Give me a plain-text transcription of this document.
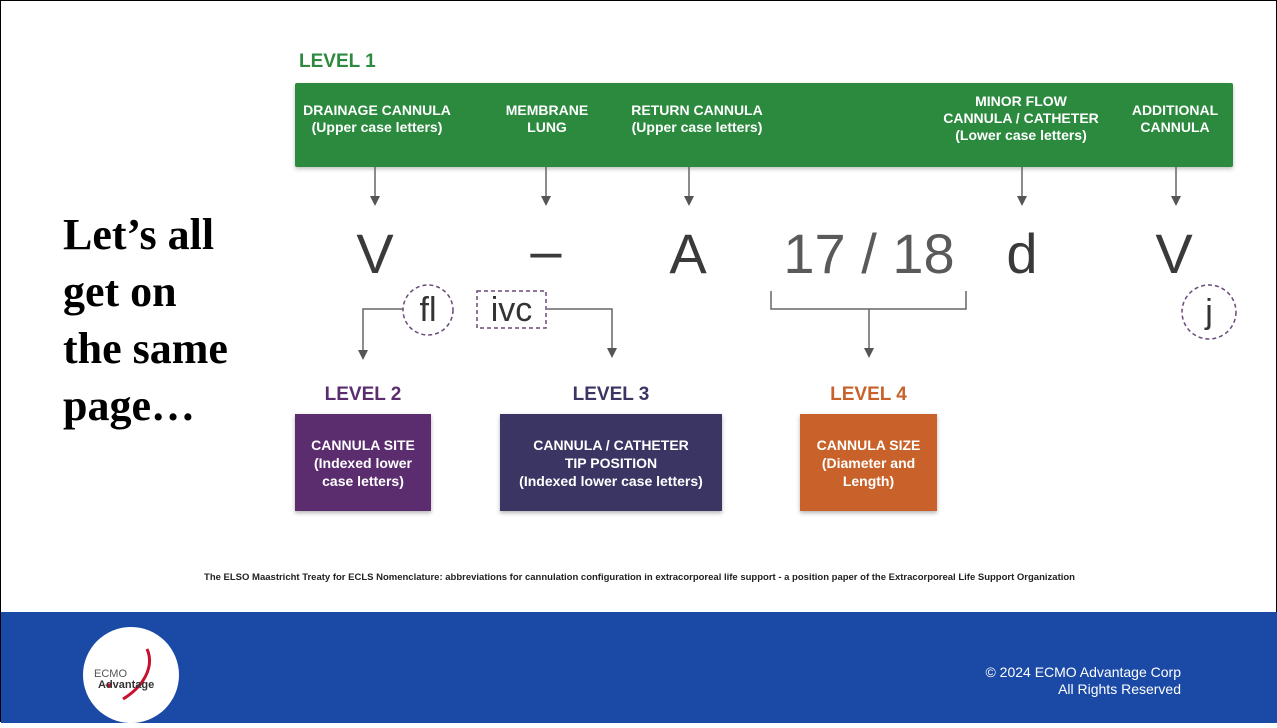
Let’s all
get on
the same
page…
LEVEL 1
DRAINAGE CANNULA
(Upper case letters)
MEMBRANE
LUNG
RETURN CANNULA
(Upper case letters)
MINOR FLOW
CANNULA / CATHETER
(Lower case letters)
ADDITIONAL
CANNULA
V – A 17 / 18 d V
fl	ivc	j
LEVEL 2
CANNULA SITE
(Indexed lower
case letters)
LEVEL 3
CANNULA / CATHETER
TIP POSITION
(Indexed lower case letters)
LEVEL 4
CANNULA SIZE
(Diameter and
Length)
The ELSO Maastricht Treaty for ECLS Nomenclature: abbreviations for cannulation configuration in extracorporeal life support - a position paper of the Extracorporeal Life Support Organization
ECMO
Advantage
© 2024 ECMO Advantage Corp
All Rights Reserved
